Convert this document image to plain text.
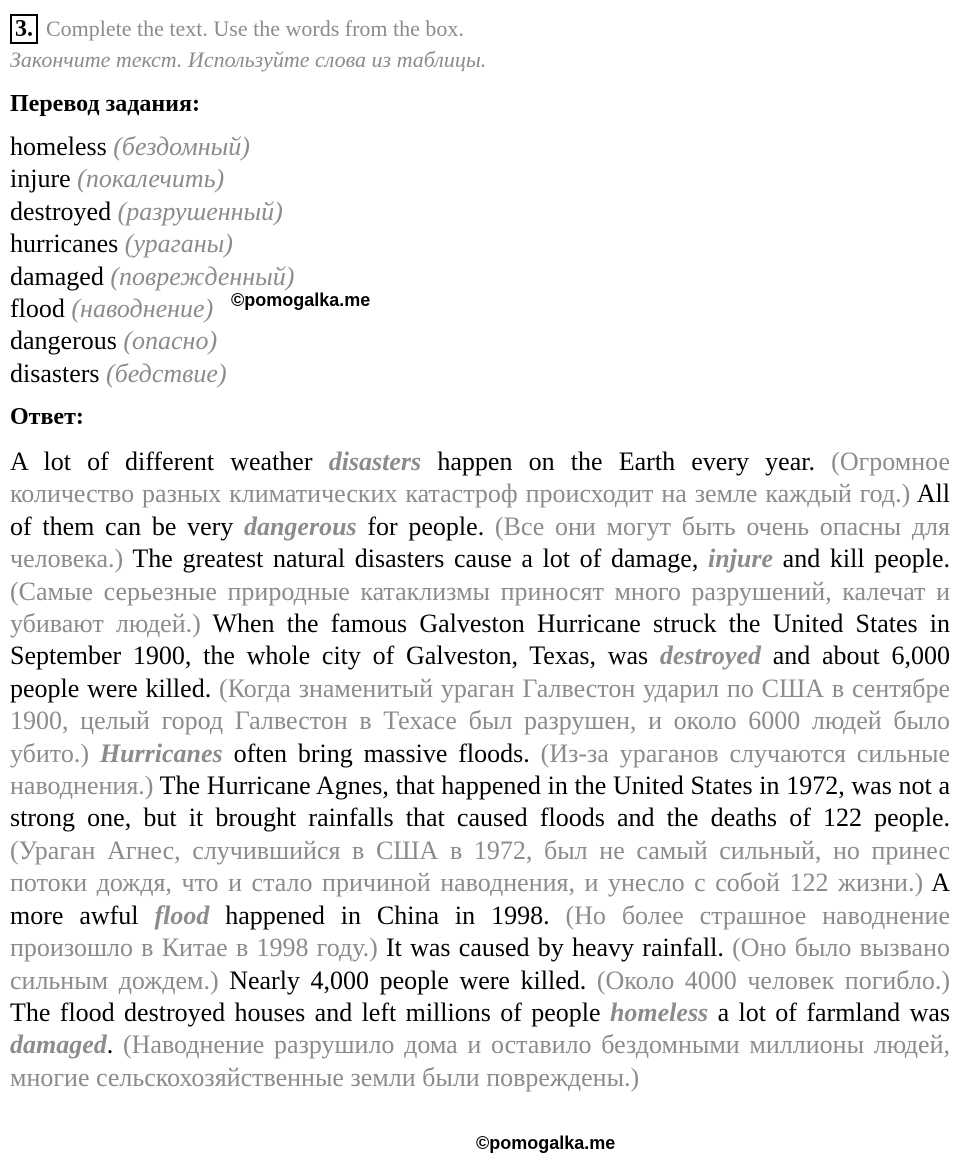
3. Complete the text. Use the words from the box.
Закончите текст. Используйте слова из таблицы.
Перевод задания:
homeless (бездомный)
injure (покалечить)
destroyed (разрушенный)
hurricanes (ураганы)
damaged (поврежденный)
flood (наводнение)
dangerous (опасно)
disasters (бедствие)
©pomogalka.me
Ответ:

A lot of different weather disasters happen on the Earth every year. (Огромное количество разных климатических катастроф происходит на земле каждый год.) All of them can be very dangerous for people. (Все они могут быть очень опасны для человека.) The greatest natural disasters cause a lot of damage, injure and kill people. (Самые серьезные природные катаклизмы приносят много разрушений, калечат и убивают людей.) When the famous Galveston Hurricane struck the United States in September 1900, the whole city of Galveston, Texas, was destroyed and about 6,000 people were killed. (Когда знаменитый ураган Галвестон ударил по США в сентябре 1900, целый город Галвестон в Техасе был разрушен, и около 6000 людей было убито.) Hurricanes often bring massive floods. (Из-за ураганов случаются сильные наводнения.) The Hurricane Agnes, that happened in the United States in 1972, was not a strong one, but it brought rainfalls that caused floods and the deaths of 122 people. (Ураган Агнес, случившийся в США в 1972, был не самый сильный, но принес потоки дождя, что и стало причиной наводнения, и унесло с собой 122 жизни.) A more awful flood happened in China in 1998. (Но более страшное наводнение произошло в Китае в 1998 году.) It was caused by heavy rainfall. (Оно было вызвано сильным дождем.) Nearly 4,000 people were killed. (Около 4000 человек погибло.) The flood destroyed houses and left millions of people homeless a lot of farmland was damaged. (Наводнение разрушило дома и оставило бездомными миллионы людей, многие сельскохозяйственные земли были повреждены.)

©pomogalka.me
